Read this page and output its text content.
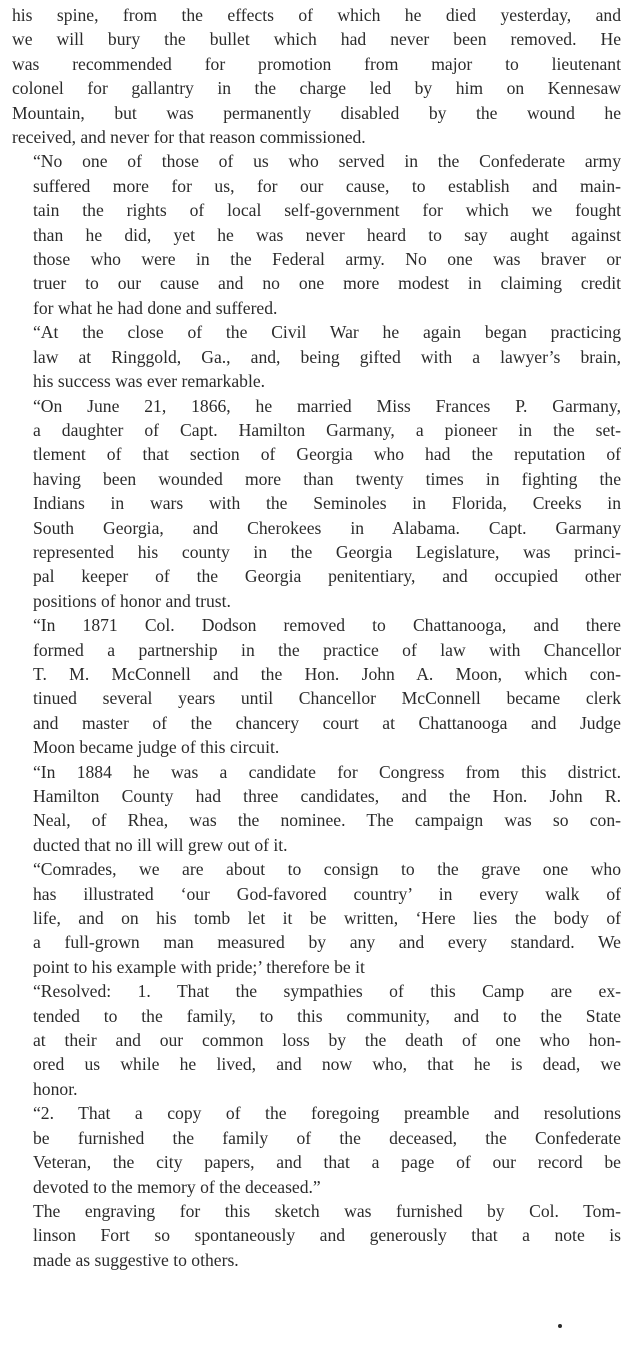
his spine, from the effects of which he died yesterday, and
we will bury the bullet which had never been removed. He
was recommended for promotion from major to lieutenant
colonel for gallantry in the charge led by him on Kennesaw
Mountain, but was permanently disabled by the wound he
received, and never for that reason commissioned.

“No one of those of us who served in the Confederate army
suffered more for us, for our cause, to establish and main-
tain the rights of local self-government for which we fought
than he did, yet he was never heard to say aught against
those who were in the Federal army. No one was braver or
truer to our cause and no one more modest in claiming credit
for what he had done and suffered.

“At the close of the Civil War he again began practicing
law at Ringgold, Ga., and, being gifted with a lawyer’s brain,
his success was ever remarkable.

“On June 21, 1866, he married Miss Frances P. Garmany,
a daughter of Capt. Hamilton Garmany, a pioneer in the set-
tlement of that section of Georgia who had the reputation of
having been wounded more than twenty times in fighting the
Indians in wars with the Seminoles in Florida, Creeks in
South Georgia, and Cherokees in Alabama. Capt. Garmany
represented his county in the Georgia Legislature, was princi-
pal keeper of the Georgia penitentiary, and occupied other
positions of honor and trust.

“In 1871 Col. Dodson removed to Chattanooga, and there
formed a partnership in the practice of law with Chancellor
T. M. McConnell and the Hon. John A. Moon, which con-
tinued several years until Chancellor McConnell became clerk
and master of the chancery court at Chattanooga and Judge
Moon became judge of this circuit.

“In 1884 he was a candidate for Congress from this district.
Hamilton County had three candidates, and the Hon. John R.
Neal, of Rhea, was the nominee. The campaign was so con-
ducted that no ill will grew out of it.

“Comrades, we are about to consign to the grave one who
has illustrated ‘our God-favored country’ in every walk of
life, and on his tomb let it be written, ‘Here lies the body of
a full-grown man measured by any and every standard. We
point to his example with pride;’ therefore be it

“Resolved: 1. That the sympathies of this Camp are ex-
tended to the family, to this community, and to the State
at their and our common loss by the death of one who hon-
ored us while he lived, and now who, that he is dead, we
honor.

“2. That a copy of the foregoing preamble and resolutions
be furnished the family of the deceased, the Confederate
Veteran, the city papers, and that a page of our record be
devoted to the memory of the deceased.”

The engraving for this sketch was furnished by Col. Tom-
linson Fort so spontaneously and generously that a note is
made as suggestive to others.
